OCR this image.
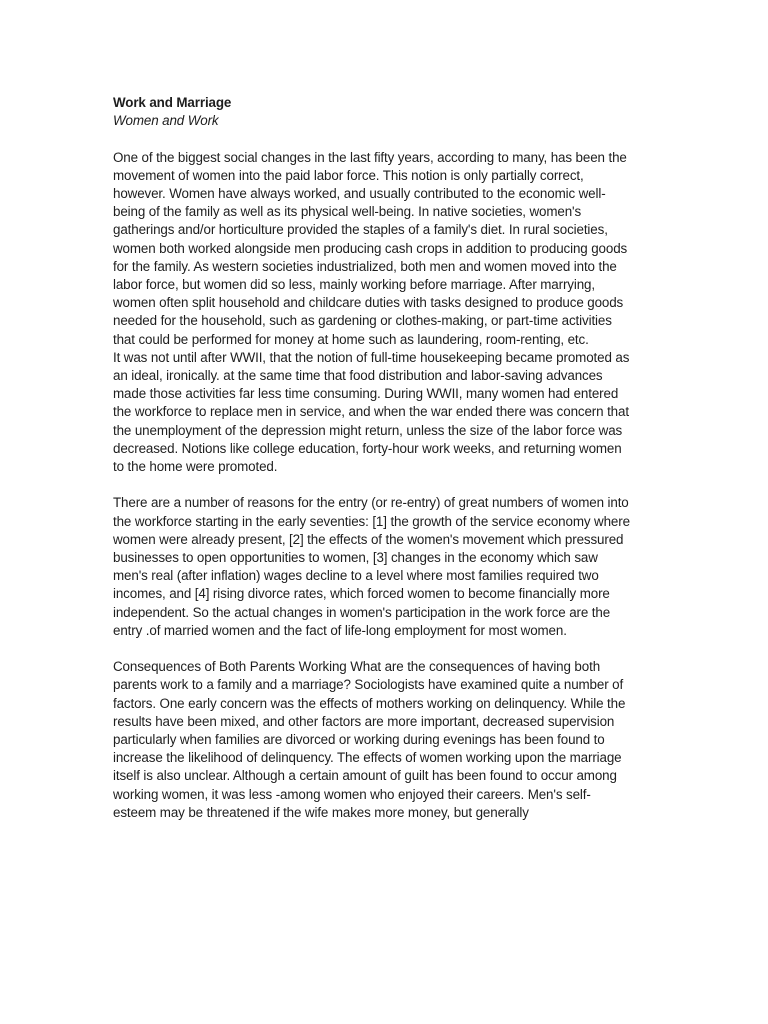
Work and Marriage
Women and Work

One of the biggest social changes in the last fifty years, according to many, has been the movement of women into the paid labor force. This notion is only partially correct, however. Women have always worked, and usually contributed to the economic well-being of the family as well as its physical well-being. In native societies, women's gatherings and/or horticulture provided the staples of a family's diet. In rural societies, women both worked alongside men producing cash crops in addition to producing goods for the family. As western societies industrialized, both men and women moved into the labor force, but women did so less, mainly working before marriage. After marrying, women often split household and childcare duties with tasks designed to produce goods needed for the household, such as gardening or clothes-making, or part-time activities that could be performed for money at home such as laundering, room-renting, etc.
It was not until after WWII, that the notion of full-time housekeeping became promoted as an ideal, ironically. at the same time that food distribution and labor-saving advances made those activities far less time consuming. During WWII, many women had entered the workforce to replace men in service, and when the war ended there was concern that the unemployment of the depression might return, unless the size of the labor force was decreased. Notions like college education, forty-hour work weeks, and returning women to the home were promoted.

There are a number of reasons for the entry (or re-entry) of great numbers of women into the workforce starting in the early seventies: [1] the growth of the service economy where women were already present, [2] the effects of the women's movement which pressured businesses to open opportunities to women, [3] changes in the economy which saw men's real (after inflation) wages decline to a level where most families required two incomes, and [4] rising divorce rates, which forced women to become financially more independent. So the actual changes in women's participation in the work force are the entry .of married women and the fact of life-long employment for most women.

Consequences of Both Parents Working What are the consequences of having both parents work to a family and a marriage? Sociologists have examined quite a number of factors. One early concern was the effects of mothers working on delinquency. While the results have been mixed, and other factors are more important, decreased supervision particularly when families are divorced or working during evenings has been found to increase the likelihood of delinquency. The effects of women working upon the marriage itself is also unclear. Although a certain amount of guilt has been found to occur among working women, it was less -among women who enjoyed their careers. Men's self-esteem may be threatened if the wife makes more money, but generally
